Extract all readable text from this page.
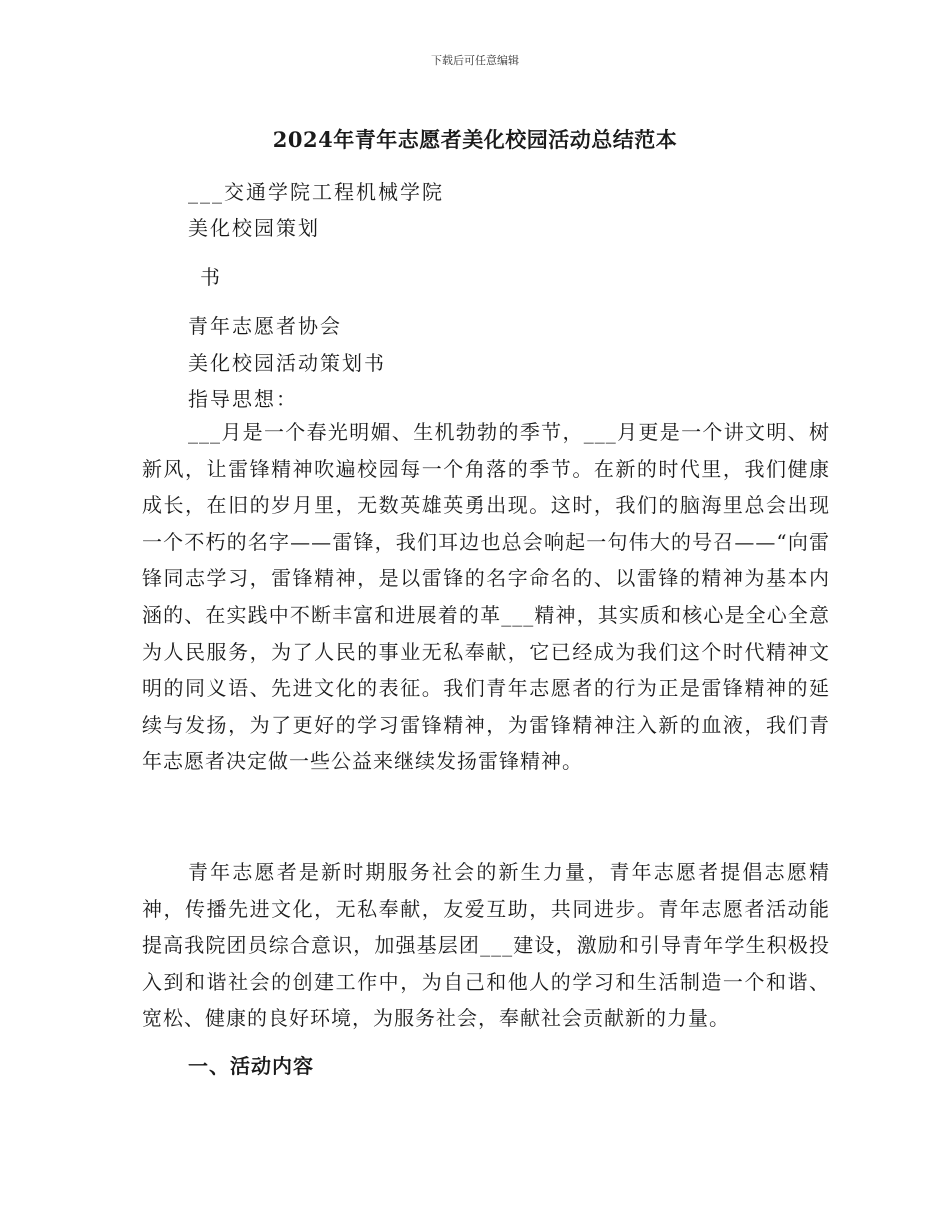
下载后可任意编辑
2024年青年志愿者美化校园活动总结范本
___交通学院工程机械学院
美化校园策划
书
青年志愿者协会
美化校园活动策划书
指导思想：
___月是一个春光明媚、生机勃勃的季节，___月更是一个讲文明、树新风，让雷锋精神吹遍校园每一个角落的季节。在新的时代里，我们健康成长，在旧的岁月里，无数英雄英勇出现。这时，我们的脑海里总会出现一个不朽的名字——雷锋，我们耳边也总会响起一句伟大的号召——“向雷锋同志学习，雷锋精神，是以雷锋的名字命名的、以雷锋的精神为基本内涵的、在实践中不断丰富和进展着的革___精神，其实质和核心是全心全意为人民服务，为了人民的事业无私奉献，它已经成为我们这个时代精神文明的同义语、先进文化的表征。我们青年志愿者的行为正是雷锋精神的延续与发扬，为了更好的学习雷锋精神，为雷锋精神注入新的血液，我们青年志愿者决定做一些公益来继续发扬雷锋精神。
青年志愿者是新时期服务社会的新生力量，青年志愿者提倡志愿精神，传播先进文化，无私奉献，友爱互助，共同进步。青年志愿者活动能提高我院团员综合意识，加强基层团___建设，激励和引导青年学生积极投入到和谐社会的创建工作中，为自己和他人的学习和生活制造一个和谐、宽松、健康的良好环境，为服务社会，奉献社会贡献新的力量。
一、活动内容
